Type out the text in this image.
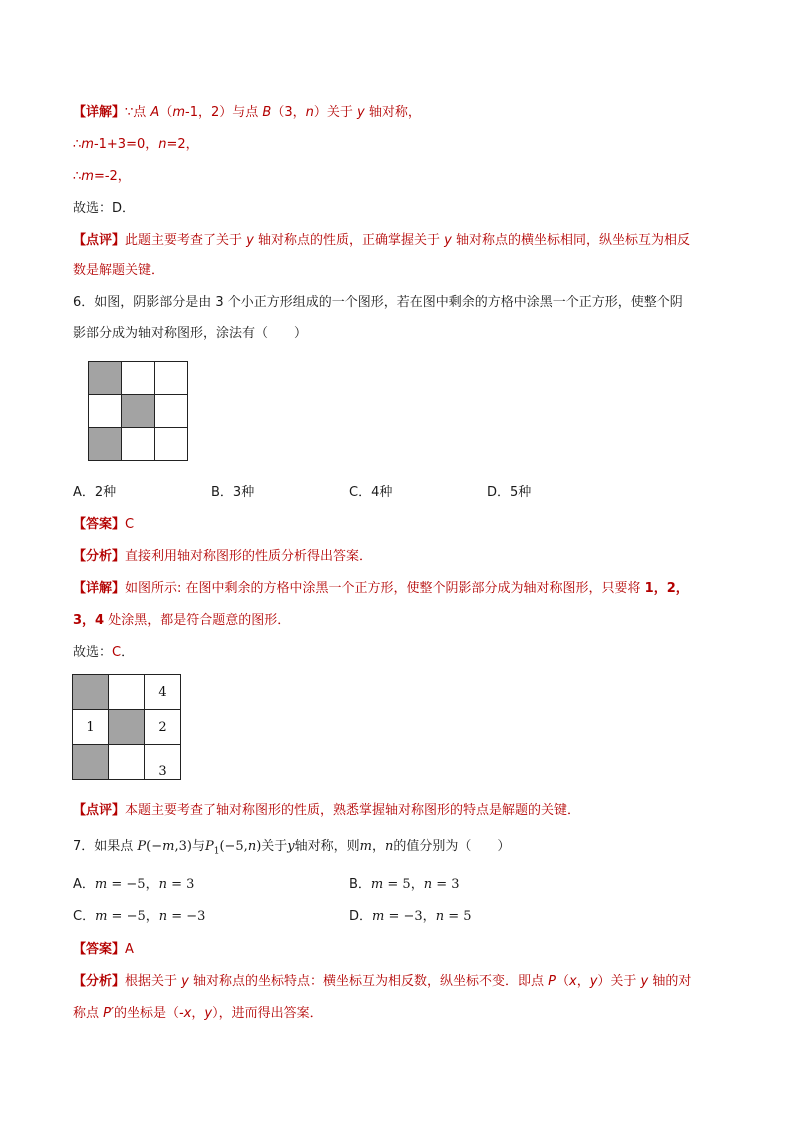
【详解】∵点 A（m-1，2）与点 B（3，n）关于 y 轴对称，
∴m-1+3=0，n=2，
∴m=-2，
故选：D．
【点评】此题主要考查了关于 y 轴对称点的性质，正确掌握关于 y 轴对称点的横坐标相同，纵坐标互为相反
数是解题关键．
6．如图，阴影部分是由 3 个小正方形组成的一个图形，若在图中剩余的方格中涂黑一个正方形，使整个阴
影部分成为轴对称图形，涂法有（　　）

A．2种	B．3种	C．4种	D．5种
【答案】C
【分析】直接利用轴对称图形的性质分析得出答案．
【详解】如图所示: 在图中剩余的方格中涂黑一个正方形，使整个阴影部分成为轴对称图形，只要将 1，2，
3，4 处涂黑，都是符合题意的图形．
故选：C．
		4
1		2
		3
【点评】本题主要考查了轴对称图形的性质，熟悉掌握轴对称图形的特点是解题的关键．
7．如果点 P(−m,3)与$P_1(-5,n)$关于y轴对称，则m，n的值分别为（　　）
A．m = −5，n = 3	B．m = 5，n = 3
C．m = −5，n = −3	D．m = −3，n = 5
【答案】A
【分析】根据关于 y 轴对称点的坐标特点：横坐标互为相反数，纵坐标不变．即点 P（x，y）关于 y 轴的对
称点 P′的坐标是（-x，y），进而得出答案．
